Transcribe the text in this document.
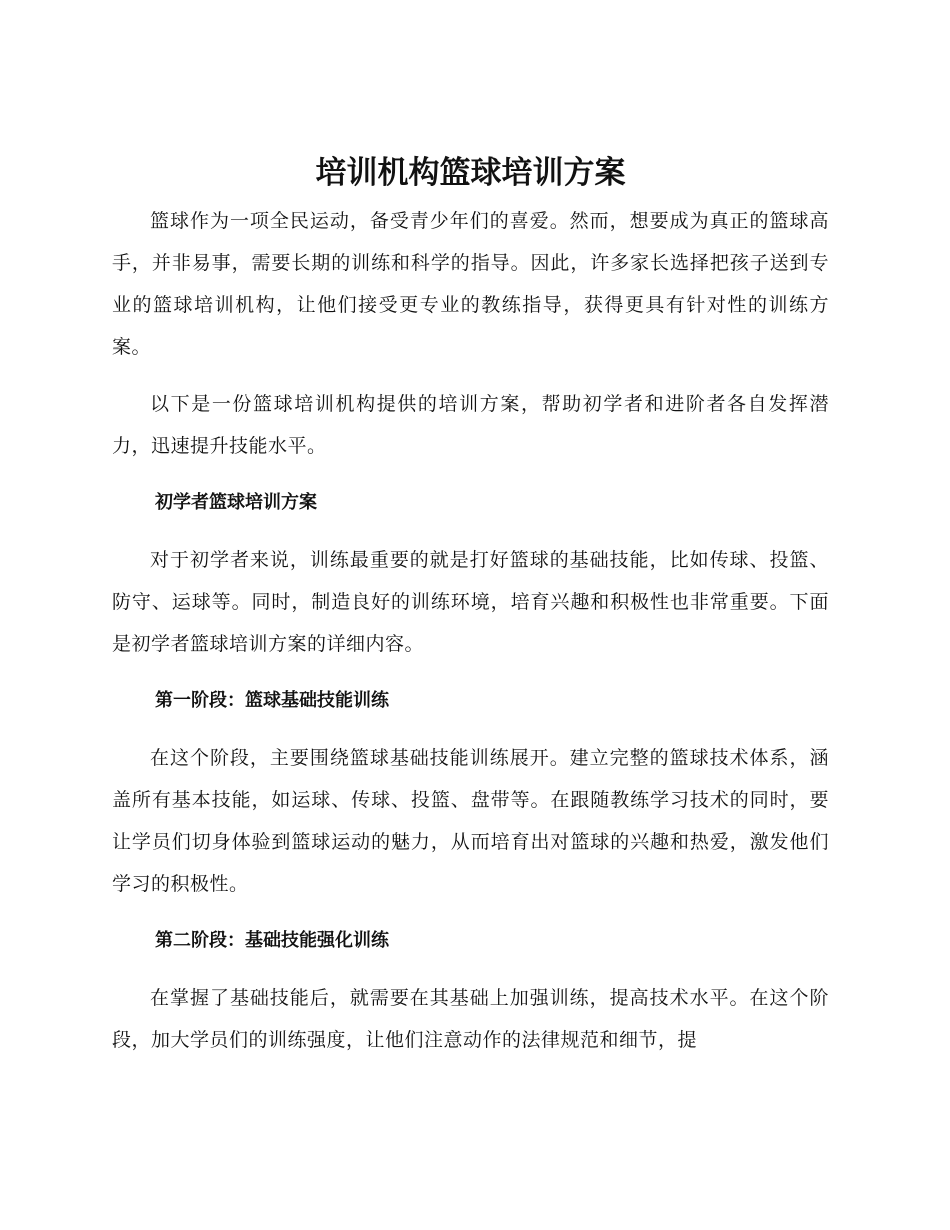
培训机构篮球培训方案

篮球作为一项全民运动，备受青少年们的喜爱。然而，想要成为真正的篮球高手，并非易事，需要长期的训练和科学的指导。因此，许多家长选择把孩子送到专业的篮球培训机构，让他们接受更专业的教练指导，获得更具有针对性的训练方案。

以下是一份篮球培训机构提供的培训方案，帮助初学者和进阶者各自发挥潜力，迅速提升技能水平。

初学者篮球培训方案

对于初学者来说，训练最重要的就是打好篮球的基础技能，比如传球、投篮、防守、运球等。同时，制造良好的训练环境，培育兴趣和积极性也非常重要。下面是初学者篮球培训方案的详细内容。

第一阶段：篮球基础技能训练

在这个阶段，主要围绕篮球基础技能训练展开。建立完整的篮球技术体系，涵盖所有基本技能，如运球、传球、投篮、盘带等。在跟随教练学习技术的同时，要让学员们切身体验到篮球运动的魅力，从而培育出对篮球的兴趣和热爱，激发他们学习的积极性。

第二阶段：基础技能强化训练

在掌握了基础技能后，就需要在其基础上加强训练，提高技术水平。在这个阶段，加大学员们的训练强度，让他们注意动作的法律规范和细节，提
